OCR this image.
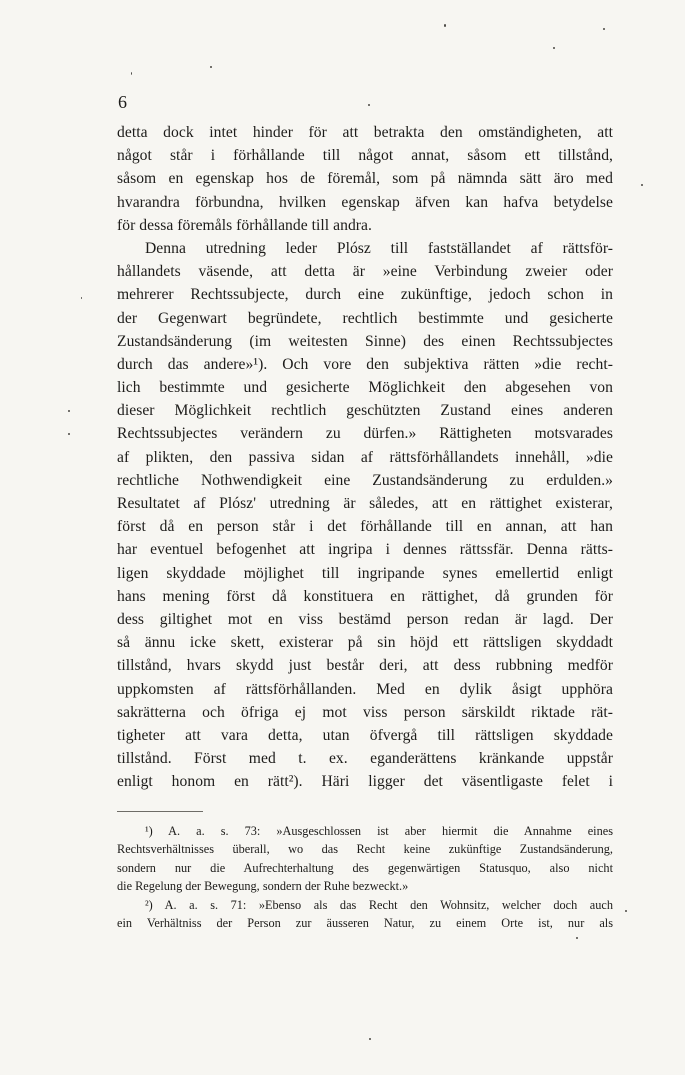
6
detta dock intet hinder för att betrakta den omständigheten, att
något står i förhållande till något annat, såsom ett tillstånd,
såsom en egenskap hos de föremål, som på nämnda sätt äro med
hvarandra förbundna, hvilken egenskap äfven kan hafva betydelse
för dessa föremåls förhållande till andra.
Denna utredning leder Plósz till fastställandet af rättsför-
hållandets väsende, att detta är »eine Verbindung zweier oder
mehrerer Rechtssubjecte, durch eine zukünftige, jedoch schon in
der Gegenwart begründete, rechtlich bestimmte und gesicherte
Zustandsänderung (im weitesten Sinne) des einen Rechtssubjectes
durch das andere»¹). Och vore den subjektiva rätten »die recht-
lich bestimmte und gesicherte Möglichkeit den abgesehen von
dieser Möglichkeit rechtlich geschützten Zustand eines anderen
Rechtssubjectes verändern zu dürfen.» Rättigheten motsvarades
af plikten, den passiva sidan af rättsförhållandets innehåll, »die
rechtliche Nothwendigkeit eine Zustandsänderung zu erdulden.»
Resultatet af Plósz' utredning är således, att en rättighet existerar,
först då en person står i det förhållande till en annan, att han
har eventuel befogenhet att ingripa i dennes rättssfär. Denna rätts-
ligen skyddade möjlighet till ingripande synes emellertid enligt
hans mening först då konstituera en rättighet, då grunden för
dess giltighet mot en viss bestämd person redan är lagd. Der
så ännu icke skett, existerar på sin höjd ett rättsligen skyddadt
tillstånd, hvars skydd just består deri, att dess rubbning medför
uppkomsten af rättsförhållanden. Med en dylik åsigt upphöra
sakrätterna och öfriga ej mot viss person särskildt riktade rät-
tigheter att vara detta, utan öfvergå till rättsligen skyddade
tillstånd. Först med t. ex. eganderättens kränkande uppstår
enligt honom en rätt²). Häri ligger det väsentligaste felet i
¹) A. a. s. 73: »Ausgeschlossen ist aber hiermit die Annahme eines
Rechtsverhältnisses überall, wo das Recht keine zukünftige Zustandsänderung,
sondern nur die Aufrechterhaltung des gegenwärtigen Statusquo, also nicht
die Regelung der Bewegung, sondern der Ruhe bezweckt.»
²) A. a. s. 71: »Ebenso als das Recht den Wohnsitz, welcher doch auch
ein Verhältniss der Person zur äusseren Natur, zu einem Orte ist, nur als
